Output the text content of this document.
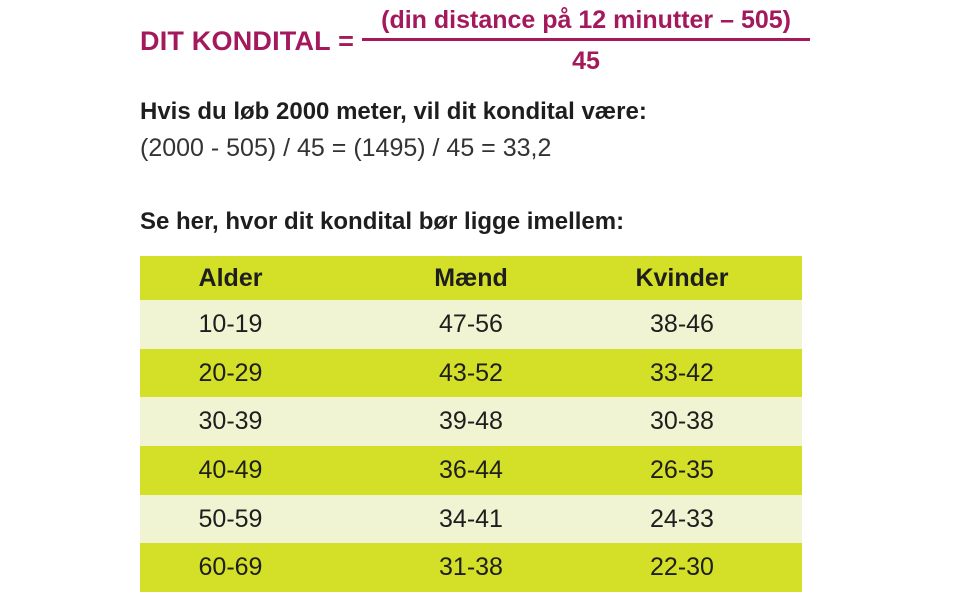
DIT KONDITAL = $\frac{\text{(din distance på 12 minutter – 505)}}{45}$
Hvis du løb 2000 meter, vil dit kondital være:
(2000 - 505) / 45 = (1495) / 45 = 33,2
Se her, hvor dit kondital bør ligge imellem:
Alder	Mænd	Kvinder
10-19	47-56	38-46
20-29	43-52	33-42
30-39	39-48	30-38
40-49	36-44	26-35
50-59	34-41	24-33
60-69	31-38	22-30
